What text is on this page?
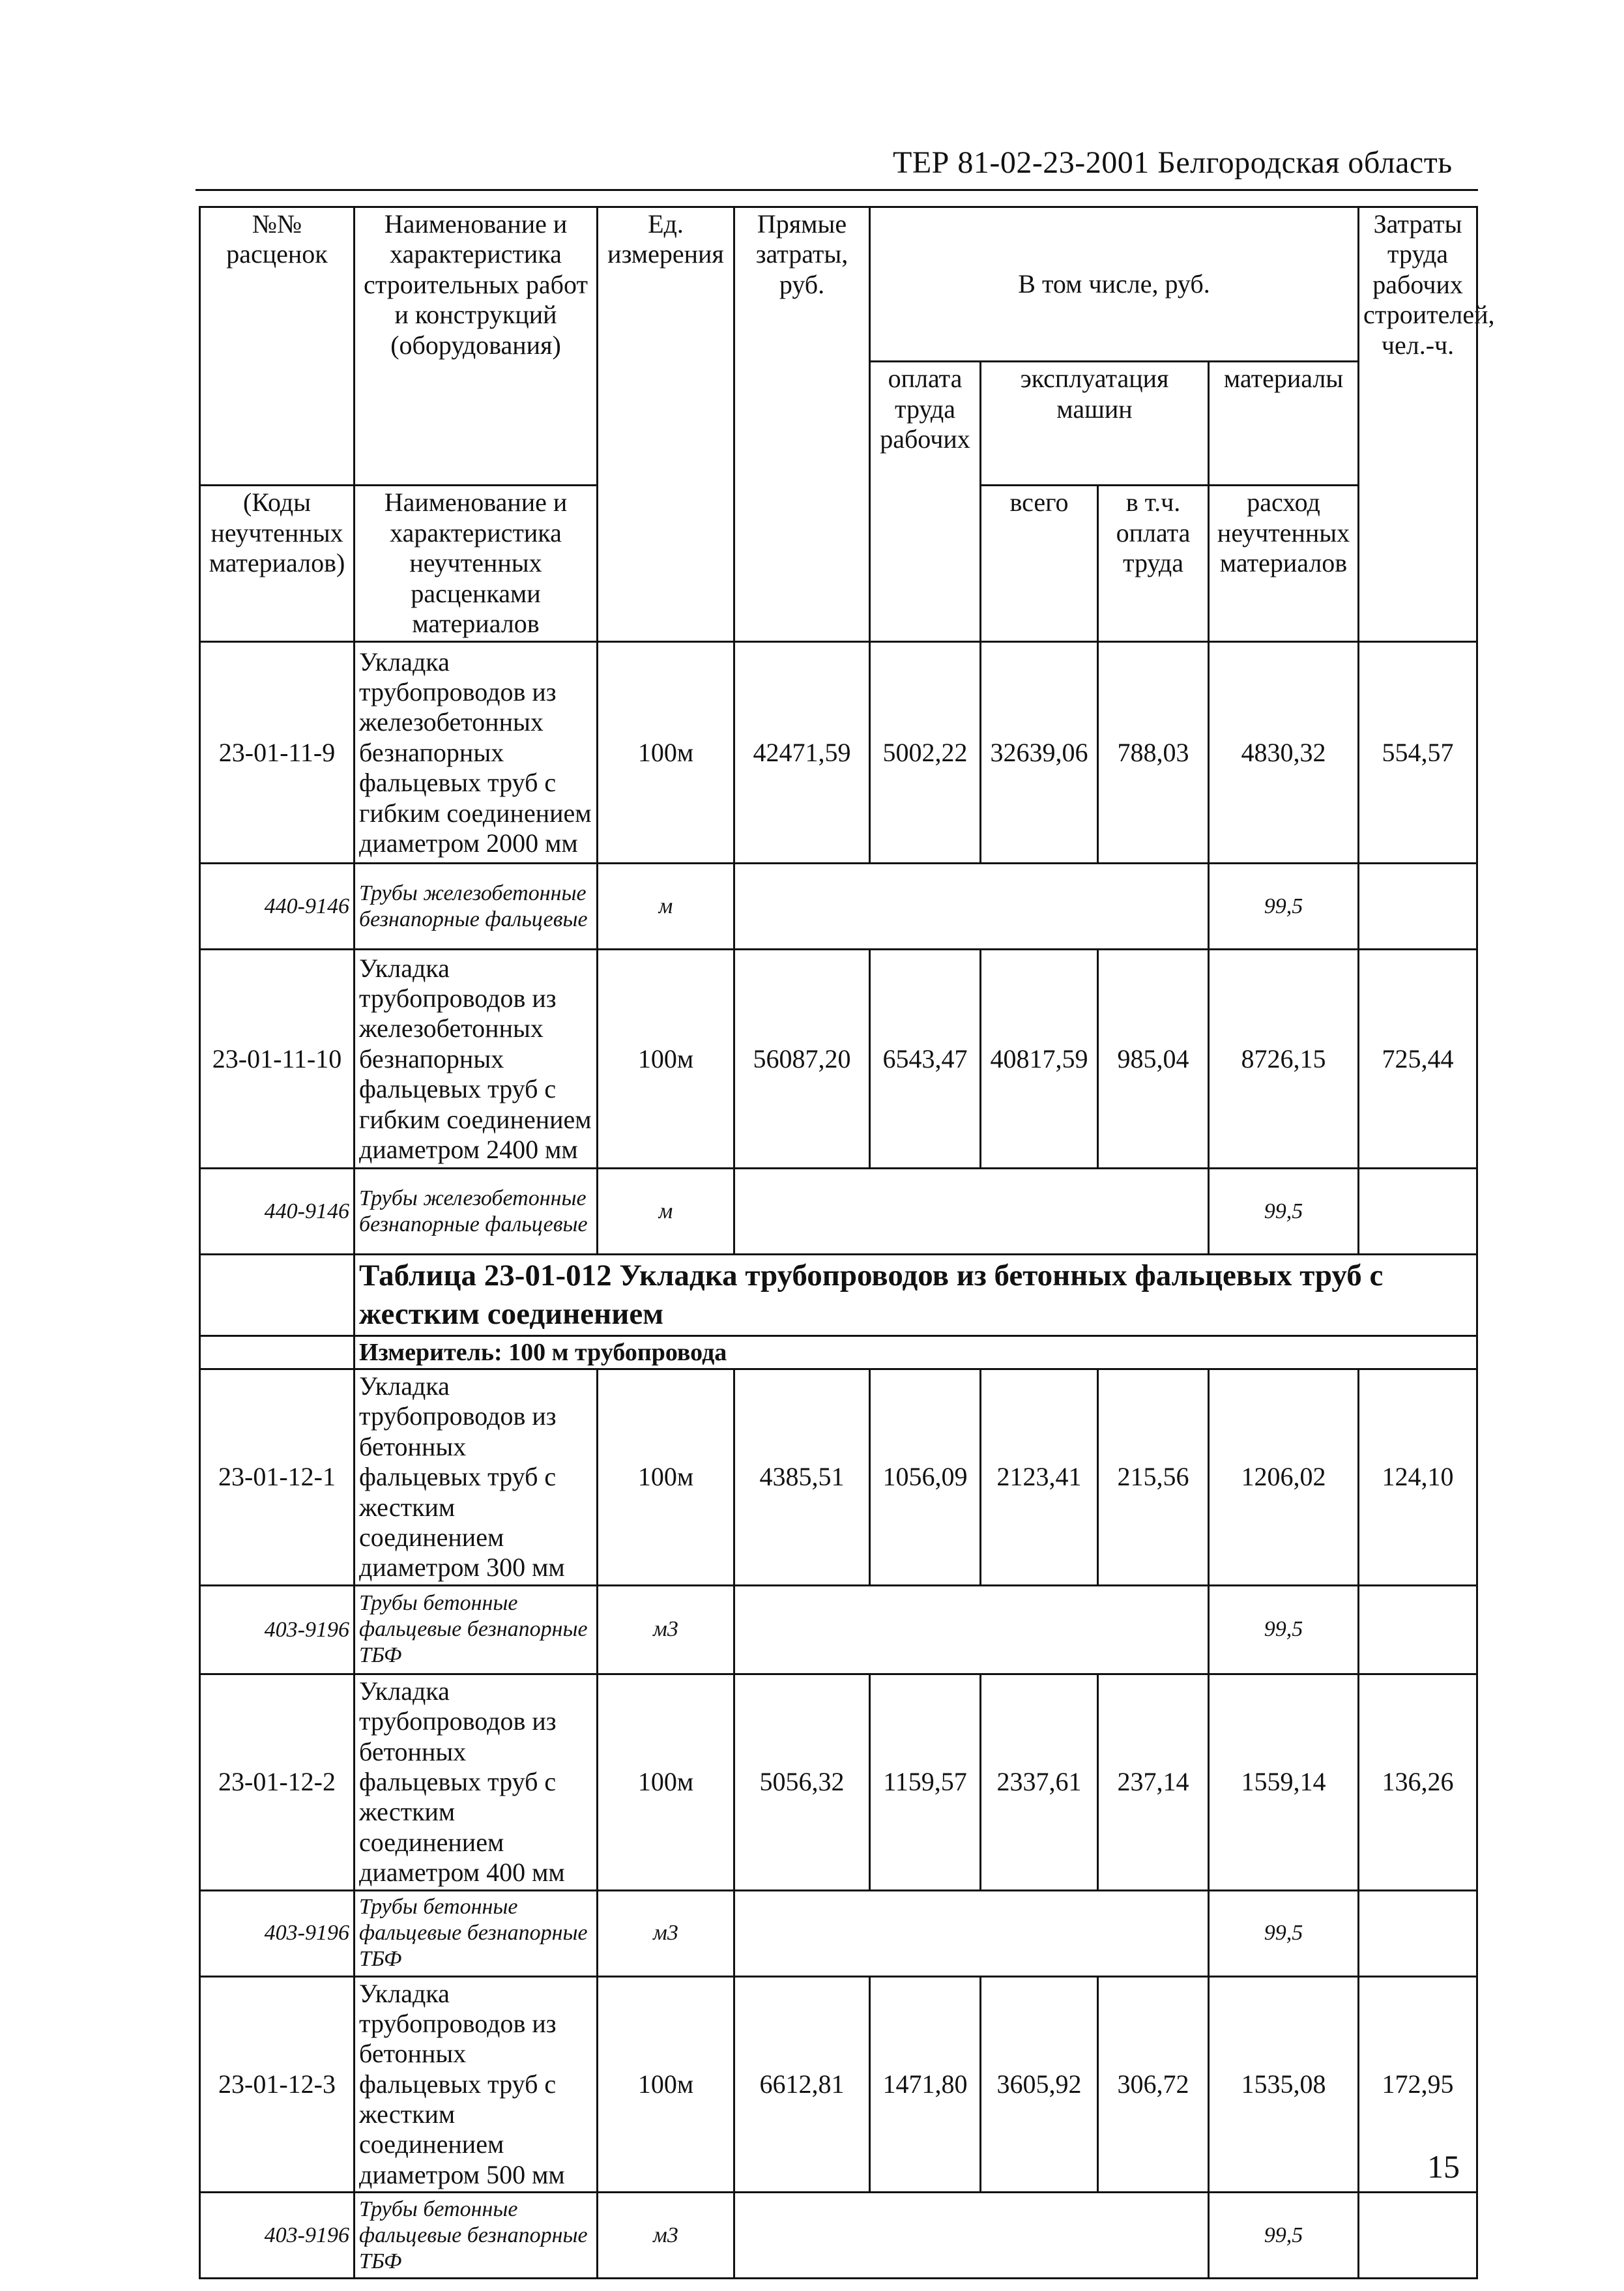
ТЕР 81-02-23-2001 Белгородская область
№№ расценок	Наименование и характеристика строительных работ и конструкций (оборудования)	Ед. измерения	Прямые затраты, руб.	В том числе, руб.				Затраты труда рабочих строителей, чел.-ч.
				оплата труда рабочих	эксплуатация машин		материалы	
(Коды неучтенных материалов)	Наименование и характеристика неучтенных расценками материалов				всего	в т.ч. оплата труда	расход неучтенных материалов	
23-01-11-9	Укладка трубопроводов из железобетонных безнапорных фальцевых труб с гибким соединением диаметром 2000 мм	100м	42471,59	5002,22	32639,06	788,03	4830,32	554,57
440-9146	Трубы железобетонные безнапорные фальцевые	м					99,5	
23-01-11-10	Укладка трубопроводов из железобетонных безнапорных фальцевых труб с гибким соединением диаметром 2400 мм	100м	56087,20	6543,47	40817,59	985,04	8726,15	725,44
440-9146	Трубы железобетонные безнапорные фальцевые	м					99,5	
	Таблица 23-01-012 Укладка трубопроводов из бетонных фальцевых труб с жестким соединением							
	Измеритель: 100 м трубопровода							
23-01-12-1	Укладка трубопроводов из бетонных фальцевых труб с жестким соединением диаметром 300 мм	100м	4385,51	1056,09	2123,41	215,56	1206,02	124,10
403-9196	Трубы бетонные фальцевые безнапорные ТБФ	м3					99,5	
23-01-12-2	Укладка трубопроводов из бетонных фальцевых труб с жестким соединением диаметром 400 мм	100м	5056,32	1159,57	2337,61	237,14	1559,14	136,26
403-9196	Трубы бетонные фальцевые безнапорные ТБФ	м3					99,5	
23-01-12-3	Укладка трубопроводов из бетонных фальцевых труб с жестким соединением диаметром 500 мм	100м	6612,81	1471,80	3605,92	306,72	1535,08	172,95
403-9196	Трубы бетонные фальцевые безнапорные ТБФ	м3					99,5	
15
